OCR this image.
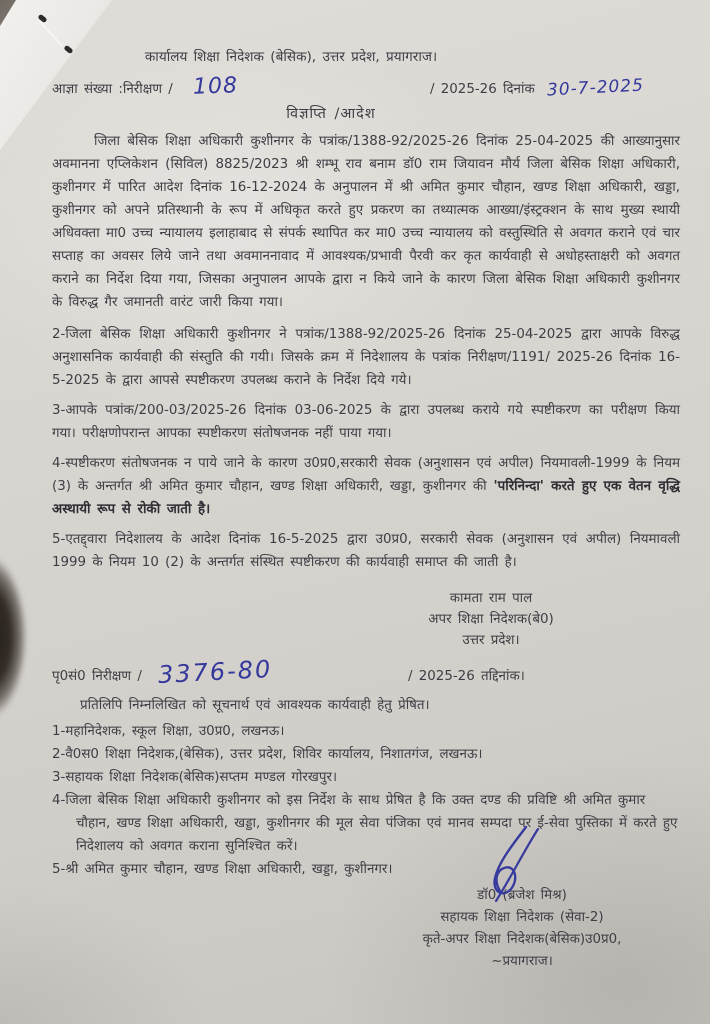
कार्यालय शिक्षा निदेशक (बेसिक), उत्तर प्रदेश, प्रयागराज।
आज्ञा संख्या :निरीक्षण / 108	/ 2025-26 दिनांक 30-7-2025
विज्ञप्ति /आदेश

जिला बेसिक शिक्षा अधिकारी कुशीनगर के पत्रांक/1388-92/2025-26 दिनांक 25-04-2025 की आख्यानुसार अवमानना एप्लिकेशन (सिविल) 8825/2023 श्री शम्भू राव बनाम डॉ0 राम जियावन मौर्य जिला बेसिक शिक्षा अधिकारी, कुशीनगर में पारित आदेश दिनांक 16-12-2024 के अनुपालन में श्री अमित कुमार चौहान, खण्ड शिक्षा अधिकारी, खड्डा, कुशीनगर को अपने प्रतिस्थानी के रूप में अधिकृत करते हुए प्रकरण का तथ्यात्मक आख्या/इंस्ट्रक्शन के साथ मुख्य स्थायी अधिवक्ता मा0 उच्च न्यायालय इलाहाबाद से संपर्क स्थापित कर मा0 उच्च न्यायालय को वस्तुस्थिति से अवगत कराने एवं चार सप्ताह का अवसर लिये जाने तथा अवमाननावाद में आवश्यक/प्रभावी पैरवी कर कृत कार्यवाही से अधोहस्ताक्षरी को अवगत कराने का निर्देश दिया गया, जिसका अनुपालन आपके द्वारा न किये जाने के कारण जिला बेसिक शिक्षा अधिकारी कुशीनगर के विरुद्ध गैर जमानती वारंट जारी किया गया।

2-जिला बेसिक शिक्षा अधिकारी कुशीनगर ने पत्रांक/1388-92/2025-26 दिनांक 25-04-2025 द्वारा आपके विरुद्ध अनुशासनिक कार्यवाही की संस्तुति की गयी। जिसके क्रम में निदेशालय के पत्रांक निरीक्षण/1191/ 2025-26 दिनांक 16-5-2025 के द्वारा आपसे स्पष्टीकरण उपलब्ध कराने के निर्देश दिये गये।

3-आपके पत्रांक/200-03/2025-26 दिनांक 03-06-2025 के द्वारा उपलब्ध कराये गये स्पष्टीकरण का परीक्षण किया गया। परीक्षणोपरान्त आपका स्पष्टीकरण संतोषजनक नहीं पाया गया।

4-स्पष्टीकरण संतोषजनक न पाये जाने के कारण उ0प्र0,सरकारी सेवक (अनुशासन एवं अपील) नियमावली-1999 के नियम (3) के अन्तर्गत श्री अमित कुमार चौहान, खण्ड शिक्षा अधिकारी, खड्डा, कुशीनगर की 'परिनिन्दा' करते हुए एक वेतन वृद्धि अस्थायी रूप से रोकी जाती है।

5-एतद्द्वारा निदेशालय के आदेश दिनांक 16-5-2025 द्वारा उ0प्र0, सरकारी सेवक (अनुशासन एवं अपील) नियमावली 1999 के नियम 10 (2) के अन्तर्गत संस्थित स्पष्टीकरण की कार्यवाही समाप्त की जाती है।

कामता राम पाल
अपर शिक्षा निदेशक(बे0)
उत्तर प्रदेश।
पृ0सं0 निरीक्षण / 3376-80	/ 2025-26 तद्दिनांक।
प्रतिलिपि निम्नलिखित को सूचनार्थ एवं आवश्यक कार्यवाही हेतु प्रेषित।
1-महानिदेशक, स्कूल शिक्षा, उ0प्र0, लखनऊ।
2-वै0स0 शिक्षा निदेशक,(बेसिक), उत्तर प्रदेश, शिविर कार्यालय, निशातगंज, लखनऊ।
3-सहायक शिक्षा निदेशक(बेसिक)सप्तम मण्डल गोरखपुर।
4-जिला बेसिक शिक्षा अधिकारी कुशीनगर को इस निर्देश के साथ प्रेषित है कि उक्त दण्ड की प्रविष्टि श्री अमित कुमार चौहान, खण्ड शिक्षा अधिकारी, खड्डा, कुशीनगर की मूल सेवा पंजिका एवं मानव सम्पदा पर ई-सेवा पुस्तिका में करते हुए निदेशालय को अवगत कराना सुनिश्चित करें।
5-श्री अमित कुमार चौहान, खण्ड शिक्षा अधिकारी, खड्डा, कुशीनगर।
डॉ0 (ब्रजेश मिश्र)
सहायक शिक्षा निदेशक (सेवा-2)
कृते-अपर शिक्षा निदेशक(बेसिक)उ0प्र0,
~प्रयागराज।
